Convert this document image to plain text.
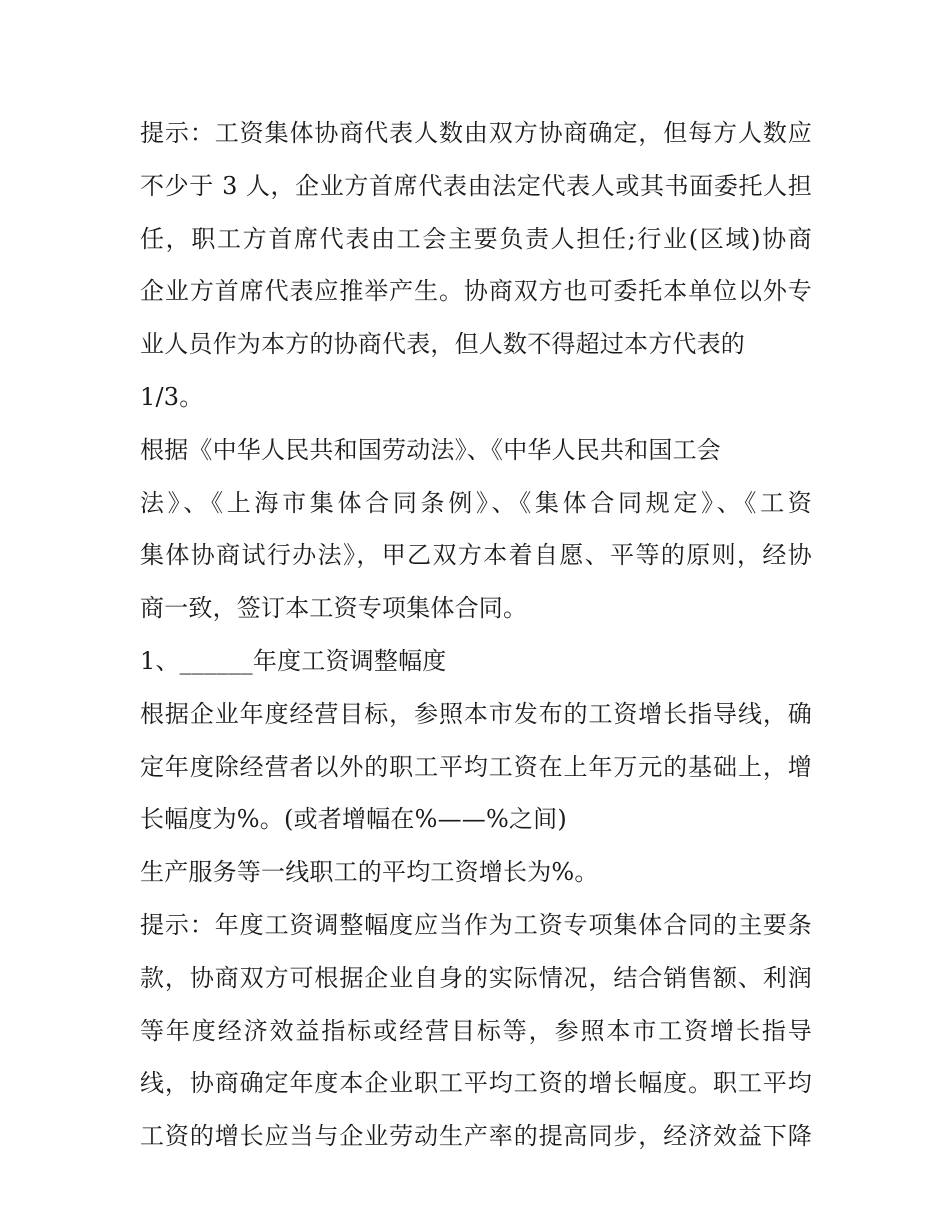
提示：工资集体协商代表人数由双方协商确定，但每方人数应
不少于 3 人，企业方首席代表由法定代表人或其书面委托人担
任，职工方首席代表由工会主要负责人担任;行业(区域)协商
企业方首席代表应推举产生。协商双方也可委托本单位以外专
业人员作为本方的协商代表，但人数不得超过本方代表的
1/3。
根据《中华人民共和国劳动法》、《中华人民共和国工会
法》、《上海市集体合同条例》、《集体合同规定》、《工资
集体协商试行办法》，甲乙双方本着自愿、平等的原则，经协
商一致，签订本工资专项集体合同。
1、______年度工资调整幅度
根据企业年度经营目标，参照本市发布的工资增长指导线，确
定年度除经营者以外的职工平均工资在上年万元的基础上，增
长幅度为%。(或者增幅在%——%之间)
生产服务等一线职工的平均工资增长为%。
提示：年度工资调整幅度应当作为工资专项集体合同的主要条
款，协商双方可根据企业自身的实际情况，结合销售额、利润
等年度经济效益指标或经营目标等，参照本市工资增长指导
线，协商确定年度本企业职工平均工资的增长幅度。职工平均
工资的增长应当与企业劳动生产率的提高同步，经济效益下降
